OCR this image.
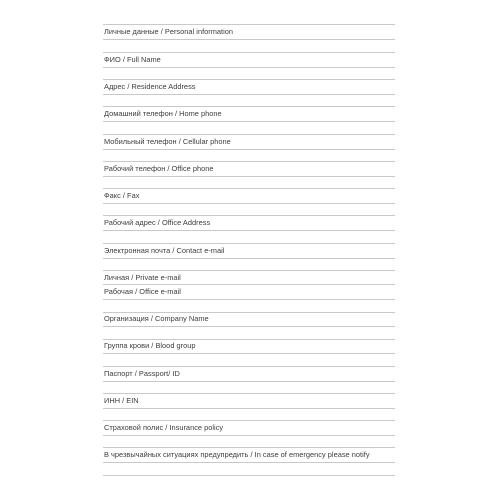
Личные данные / Personal information
ФИО / Full Name
Адрес / Residence Address
Домашний телефон / Home phone
Мобильный телефон / Cellular phone
Рабочий телефон / Office phone
Факс / Fax
Рабочий адрес / Office Address
Электронная почта / Contact e-mail
Личная / Private e-mail
Рабочая / Office e-mail
Организация / Company Name
Группа крови / Blood group
Паспорт / Passport/ ID
ИНН / EIN
Страховой полис / Insurance policy
В чрезвычайных ситуациях предупредить / In case of emergency please notify
